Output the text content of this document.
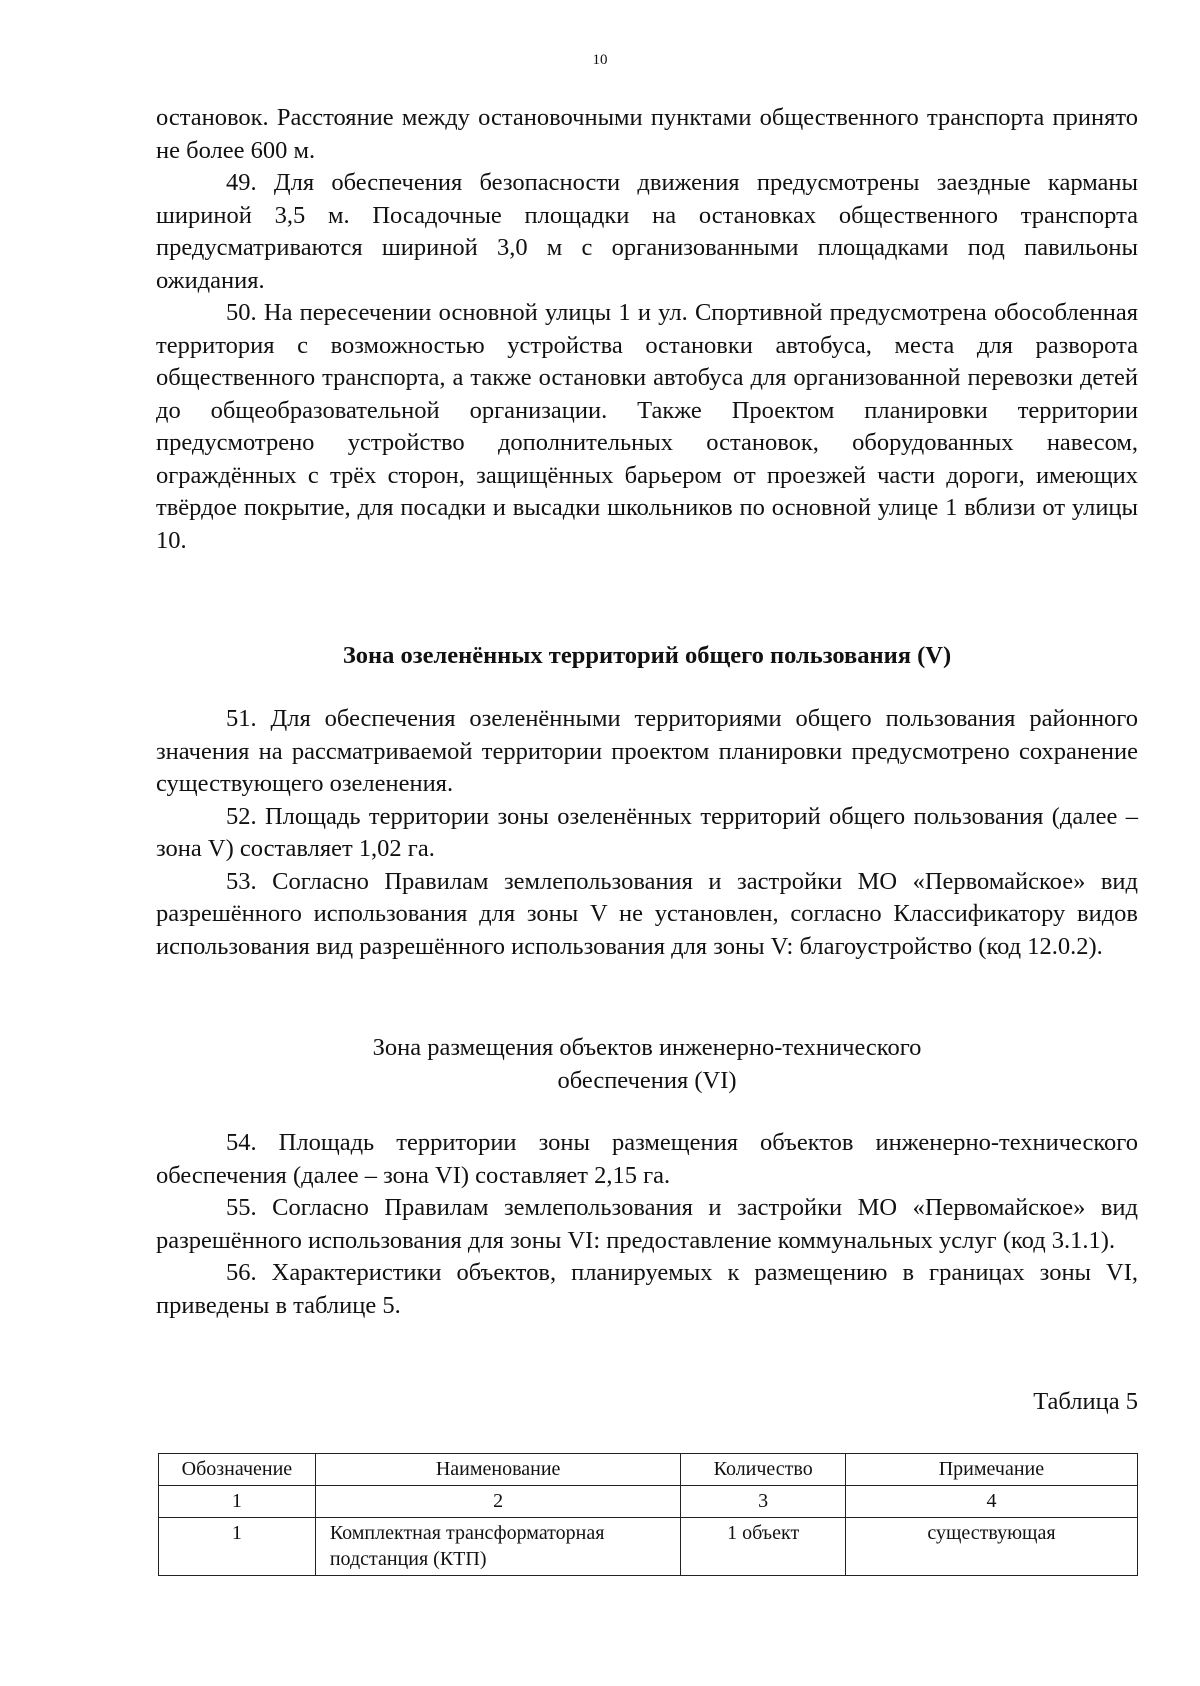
10

остановок. Расстояние между остановочными пунктами общественного транспорта принято не более 600 м.

49. Для обеспечения безопасности движения предусмотрены заездные карманы шириной 3,5 м. Посадочные площадки на остановках общественного транспорта предусматриваются шириной 3,0 м с организованными площадками под павильоны ожидания.

50. На пересечении основной улицы 1 и ул. Спортивной предусмотрена обособленная территория с возможностью устройства остановки автобуса, места для разворота общественного транспорта, а также остановки автобуса для организованной перевозки детей до общеобразовательной организации. Также Проектом планировки территории предусмотрено устройство дополнительных остановок, оборудованных навесом, ограждённых с трёх сторон, защищённых барьером от проезжей части дороги, имеющих твёрдое покрытие, для посадки и высадки школьников по основной улице 1 вблизи от улицы 10.

Зона озеленённых территорий общего пользования (V)

51. Для обеспечения озеленёнными территориями общего пользования районного значения на рассматриваемой территории проектом планировки предусмотрено сохранение существующего озеленения.

52. Площадь территории зоны озеленённых территорий общего пользования (далее – зона V) составляет 1,02 га.

53. Согласно Правилам землепользования и застройки МО «Первомайское» вид разрешённого использования для зоны V не установлен, согласно Классификатору видов использования вид разрешённого использования для зоны V: благоустройство (код 12.0.2).

Зона размещения объектов инженерно-технического
обеспечения (VI)

54. Площадь территории зоны размещения объектов инженерно-технического обеспечения (далее – зона VI) составляет 2,15 га.

55. Согласно Правилам землепользования и застройки МО «Первомайское» вид разрешённого использования для зоны VI: предоставление коммунальных услуг (код 3.1.1).

56. Характеристики объектов, планируемых к размещению в границах зоны VI, приведены в таблице 5.

Таблица 5
Обозначение	Наименование	Количество	Примечание
1	2	3	4
1	Комплектная трансформаторная подстанция (КТП)	1 объект	существующая
